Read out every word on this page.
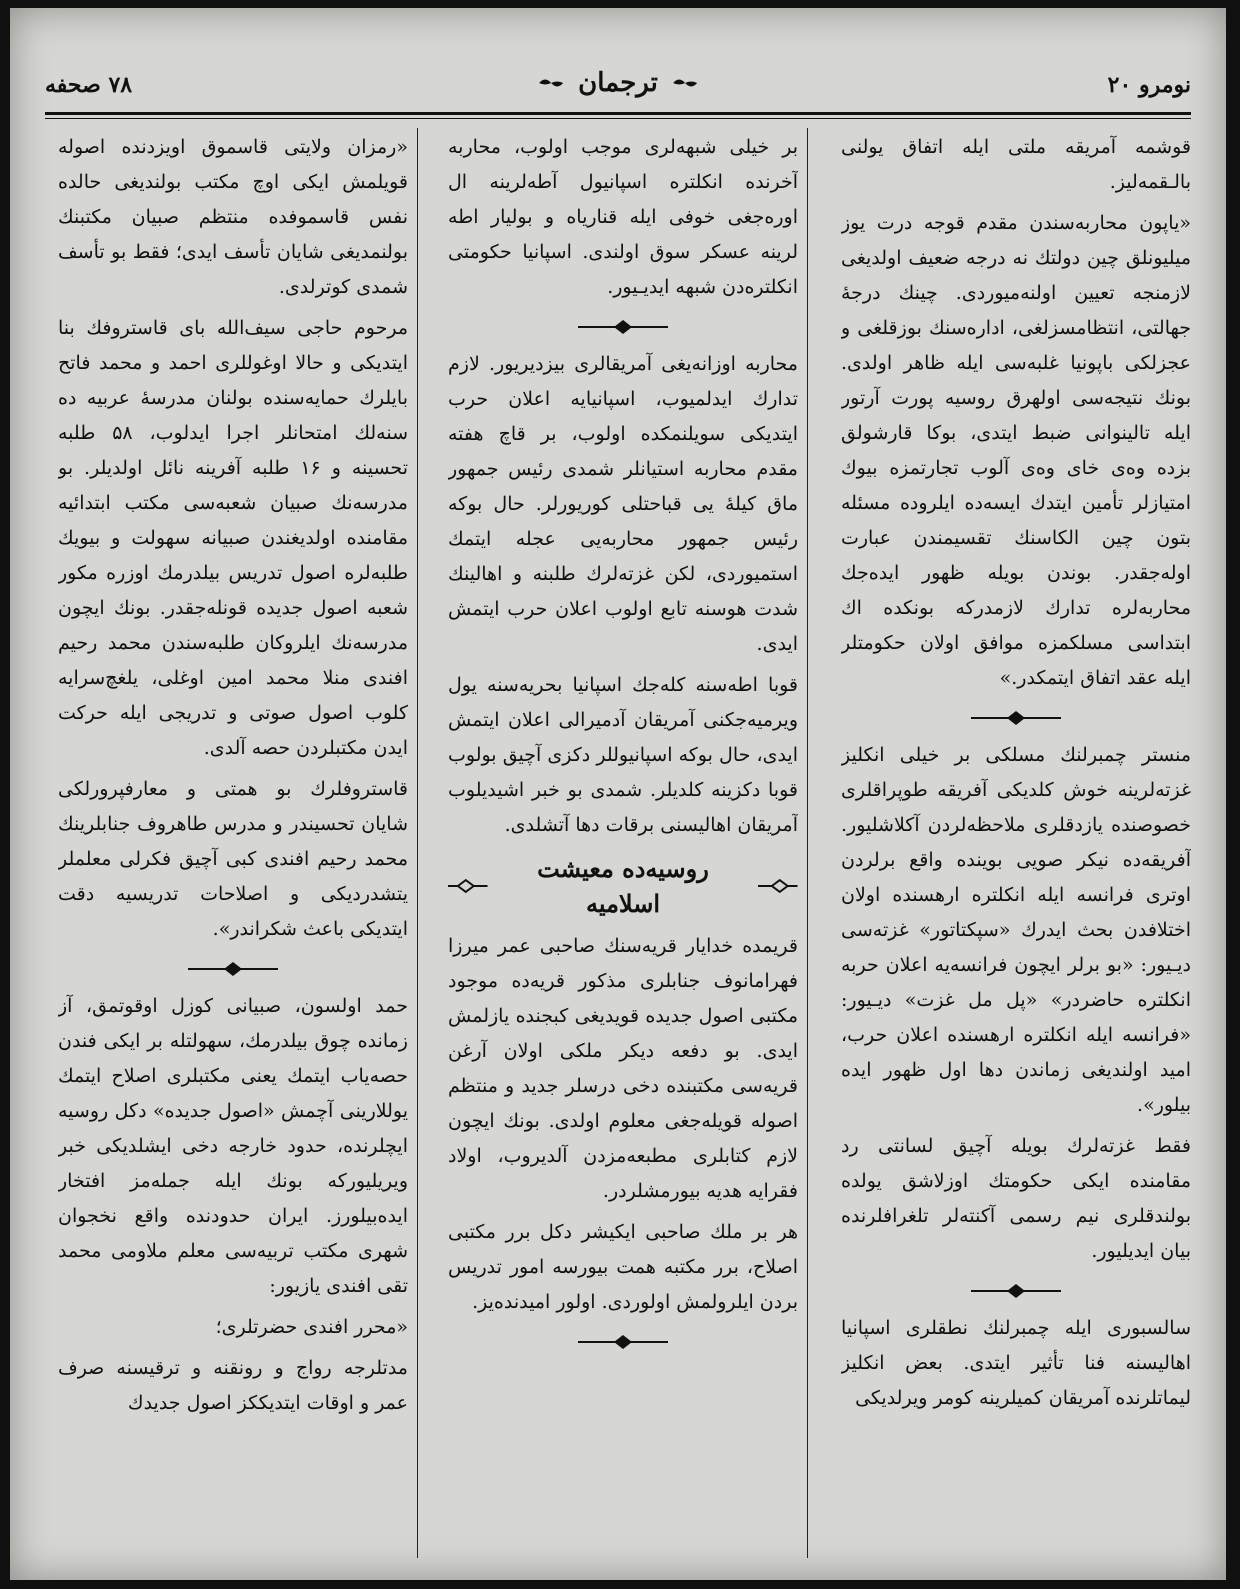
نومرو ۲۰
ترجمان
۷۸ صحفه

قوشمه آمريقه ملتى ايله اتفاق يولنى بالـقمه‌ليز.

«ياپون محاربه‌سندن مقدم قوجه درت يوز ميليونلق چين دولتك نه درجه ضعيف اولديغى لازمنجه تعيين اولنه‌ميوردى. چينك درجهٔ جهالتى، انتظامسزلغى، اداره‌سنك بوزقلغى و عجزلكى باپونيا غلبه‌سى ايله ظاهر اولدى. بونك نتيجه‌سى اولهرق روسيه پورت آرتور ايله تالينوانى ضبط ايتدى، بوكا قارشولق بزده وه‌ى خاى وه‌ى آلوب تجارتمزه بيوك امتيازلر تأمين ايتدك ايسه‌ده ايلروده مسئله بتون چين الكاسنك تقسيمندن عبارت اوله‌جقدر. بوندن بويله ظهور ايده‌جك محاربه‌لره تدارك لازمدركه بونكده اك ابتداسى مسلكمزه موافق اولان حكومتلر ايله عقد اتفاق ايتمكدر.»

منستر چمبرلنك مسلكى بر خيلى انكليز غزته‌لرينه خوش كلديكى آفريقه طوپراقلرى خصوصنده يازدقلرى ملاحظه‌لردن آكلاشليور. آفريقه‌ده نيكر صويى بوينده واقع برلردن اوترى فرانسه ايله انكلتره ارهسنده اولان اختلافدن بحث ايدرك «سپكتاتور» غزته‌سى ديـيور: «بو برلر ايچون فرانسه‌يه اعلان حربه انكلتره حاضردر» «پل مل غزت» ديـيور: «فرانسه ايله انكلتره ارهسنده اعلان حرب، اميد اولنديغى زماندن دها اول ظهور ايده بيلور».

فقط غزته‌لرك بويله آچيق لسانتى رد مقامنده ايكى حكومتك اوزلاشق يولده بولندقلرى نيم رسمى آكنته‌لر تلغرافلرنده بيان ايديليور.

سالسبورى ايله چمبرلنك نطقلرى اسپانيا اهاليسنه فنا تأثير ايتدى. بعض انكليز ليماتلرنده آمريقان كميلرينه كومر ويرلديكى

بر خيلى شبهه‌لرى موجب اولوب، محاربه آخرنده انكلتره اسپانيول آطه‌لرينه ال اوره‌جغى خوفى ايله قنارياه و بوليار اطه لرينه عسكر سوق اولندى. اسپانيا حكومتى انكلتره‌دن شبهه ايديـيور.

محاربه اوزانه‌يغى آمريقالرى بيزديريور. لازم تدارك ايدلميوب، اسپانيايه اعلان حرب ايتديكى سويلنمكده اولوب، بر قاچ هفته مقدم محاربه استيانلر شمدى رئيس جمهور ماق كيلهٔ يى قباحتلى كوريورلر. حال بوكه رئيس جمهور محاربه‌يى عجله ايتمك استميوردى، لكن غزته‌لرك طلبنه و اهالينك شدت هوسنه تابع اولوب اعلان حرب ايتمش ايدى.

قوبا اطه‌سنه كله‌جك اسپانيا بحريه‌سنه يول ويرميه‌جكنى آمريقان آدميرالى اعلان ايتمش ايدى، حال بوكه اسپانيوللر دكزى آچيق بولوب قوبا دكزينه كلديلر. شمدى بو خبر اشيديلوب آمريقان اهاليسنى برقات دها آتشلدى.

روسيه‌ده معيشت اسلاميه

قريمده خدايار قريه‌سنك صاحبى عمر ميرزا فهرامانوف جنابلرى مذكور قريه‌ده موجود مكتبى اصول جديده قويديغى كبجنده يازلمش ايدى. بو دفعه ديكر ملكى اولان آرغن قريه‌سى مكتبنده دخى درسلر جديد و منتظم اصوله قويله‌جغى معلوم اولدى. بونك ايچون لازم كتابلرى مطبعه‌مزدن آلديروب، اولاد فقرايه هديه بيورمشلردر.

هر بر ملك صاحبى ايكيشر دكل برر مكتبى اصلاح، برر مكتبه همت بيورسه امور تدريس بردن ايلرولمش اولوردى. اولور اميدندەيز.

«رمزان ولايتى قاسموق اويزدنده اصوله قويلمش ايكى اوچ مكتب بولنديغى حالده نفس قاسموفده منتظم صبيان مكتبنك بولنمديغى شايان تأسف ايدى؛ فقط بو تأسف شمدى كوترلدى.

مرحوم حاجى سيف‌الله باى قاستروفك بنا ايتديكى و حالا اوغوللرى احمد و محمد فاتح بايلرك حمايه‌سنده بولنان مدرسهٔ عربيه ده سنه‌لك امتحانلر اجرا ايدلوب، ۵۸ طلبه تحسينه و ۱۶ طلبه آفرينه نائل اولديلر. بو مدرسه‌نك صبيان شعبه‌سى مكتب ابتدائيه مقامنده اولديغندن صبيانه سهولت و بيويك طلبه‌لره اصول تدريس بيلدرمك اوزره مكور شعبه اصول جديده قونله‌جقدر. بونك ايچون مدرسه‌نك ايلروكان طلبه‌سندن محمد رحيم افندى منلا محمد امين اوغلى، يلغچ‌سرايه كلوب اصول صوتى و تدريجى ايله حركت ايدن مكتبلردن حصه آلدى.

قاستروفلرك بو همتى و معارفپرورلكى شايان تحسيندر و مدرس طاهروف جنابلرينك محمد رحيم افندى كبى آچيق فكرلى معلملر يتشدرديكى و اصلاحات تدريسيه دقت ايتديكى باعث شكراندر».

حمد اولسون، صبيانى كوزل اوقوتمق، آز زمانده چوق بيلدرمك، سهولتله بر ايكى فندن حصه‌ياب ايتمك يعنى مكتبلرى اصلاح ايتمك يوللارينى آچمش «اصول جديده» دكل روسيه ايچلرنده، حدود خارجه دخى ايشلديكى خبر ويريليوركه بونك ايله جمله‌مز افتخار ايده‌بيلورز. ايران حدودنده واقع نخجوان شهرى مكتب تربيه‌سى معلم ملاومى محمد تقى افندى يازيور:

«محرر افندى حضرتلرى؛

مدتلرجه رواج و رونقنه و ترقيسنه صرف عمر و اوقات ايتديككز اصول جديدك
